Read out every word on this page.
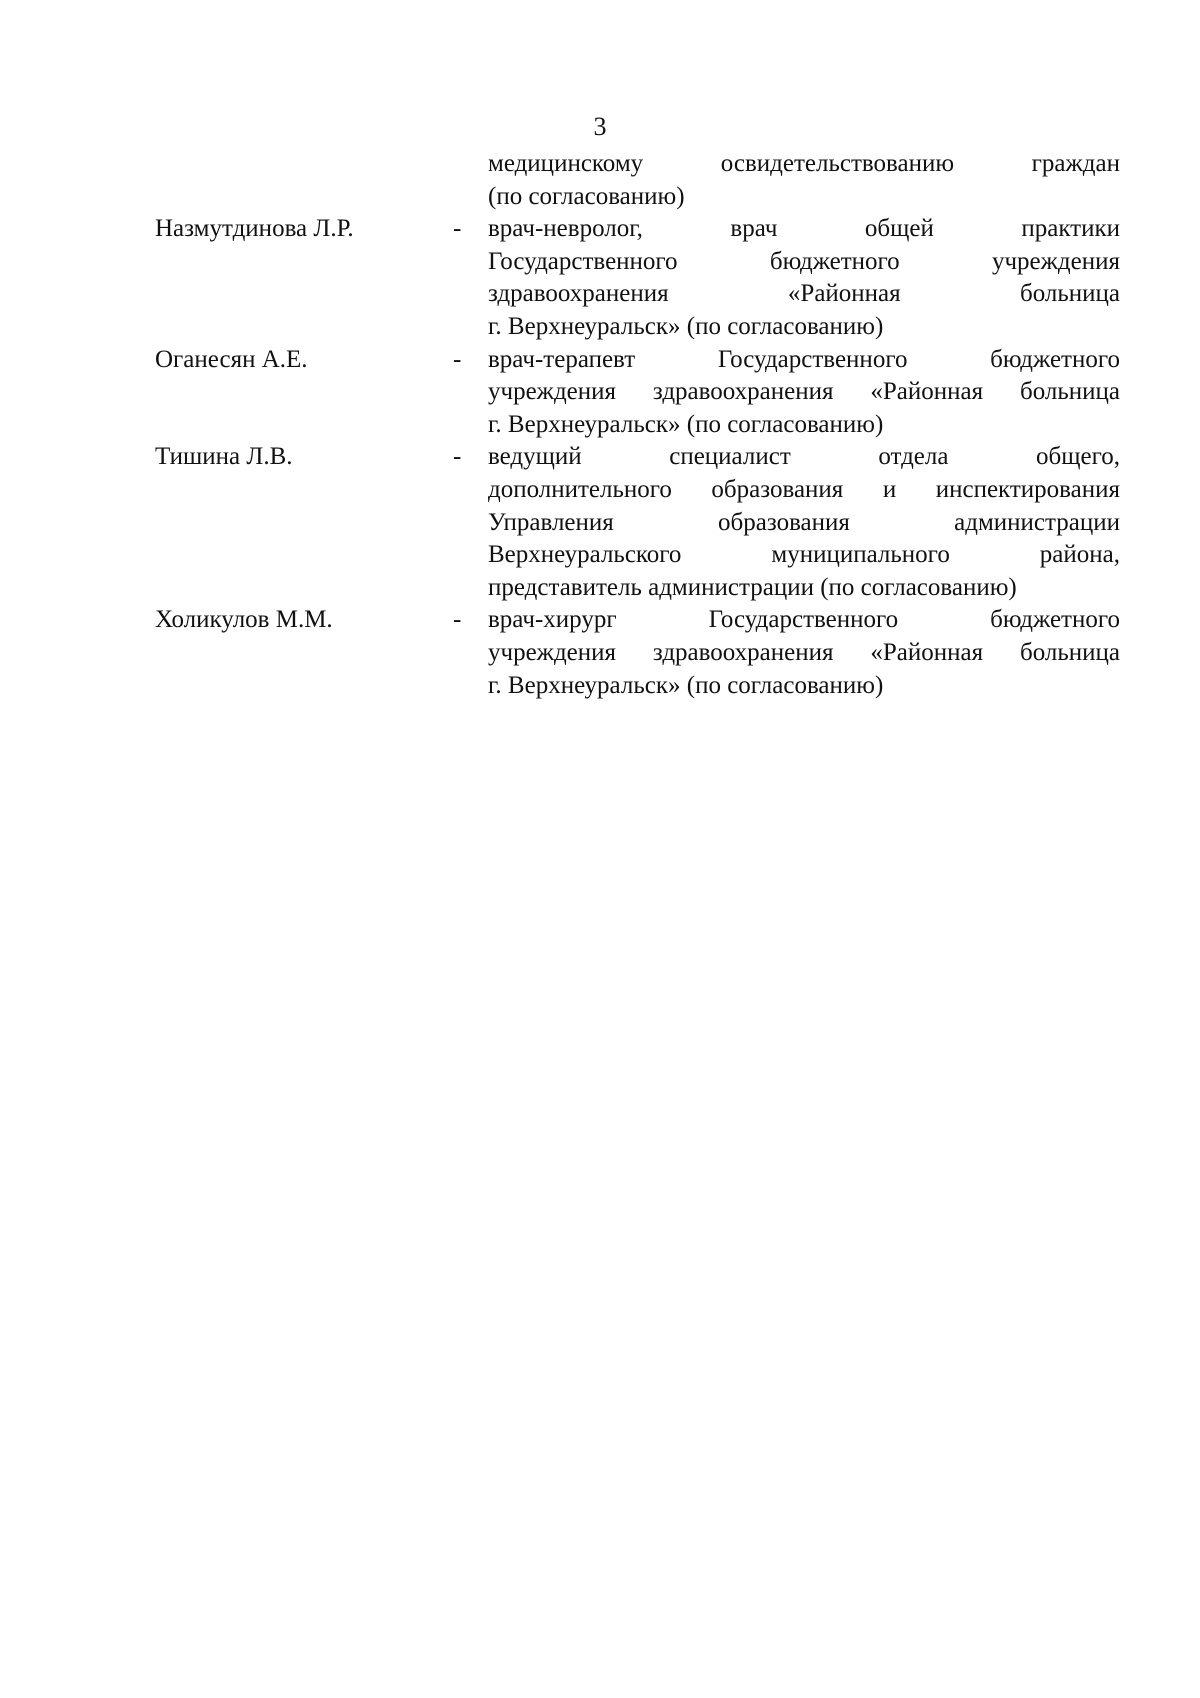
3
медицинскому освидетельствованию граждан
(по согласованию)
Назмутдинова Л.Р.	-	врач-невролог, врач общей практики
Государственного бюджетного учреждения
здравоохранения «Районная больница
г. Верхнеуральск» (по согласованию)
Оганесян А.Е.	-	врач-терапевт Государственного бюджетного
учреждения здравоохранения «Районная больница
г. Верхнеуральск» (по согласованию)
Тишина Л.В.	-	ведущий специалист отдела общего,
дополнительного образования и инспектирования
Управления образования администрации
Верхнеуральского муниципального района,
представитель администрации (по согласованию)
Холикулов М.М.	-	врач-хирург Государственного бюджетного
учреждения здравоохранения «Районная больница
г. Верхнеуральск» (по согласованию)
